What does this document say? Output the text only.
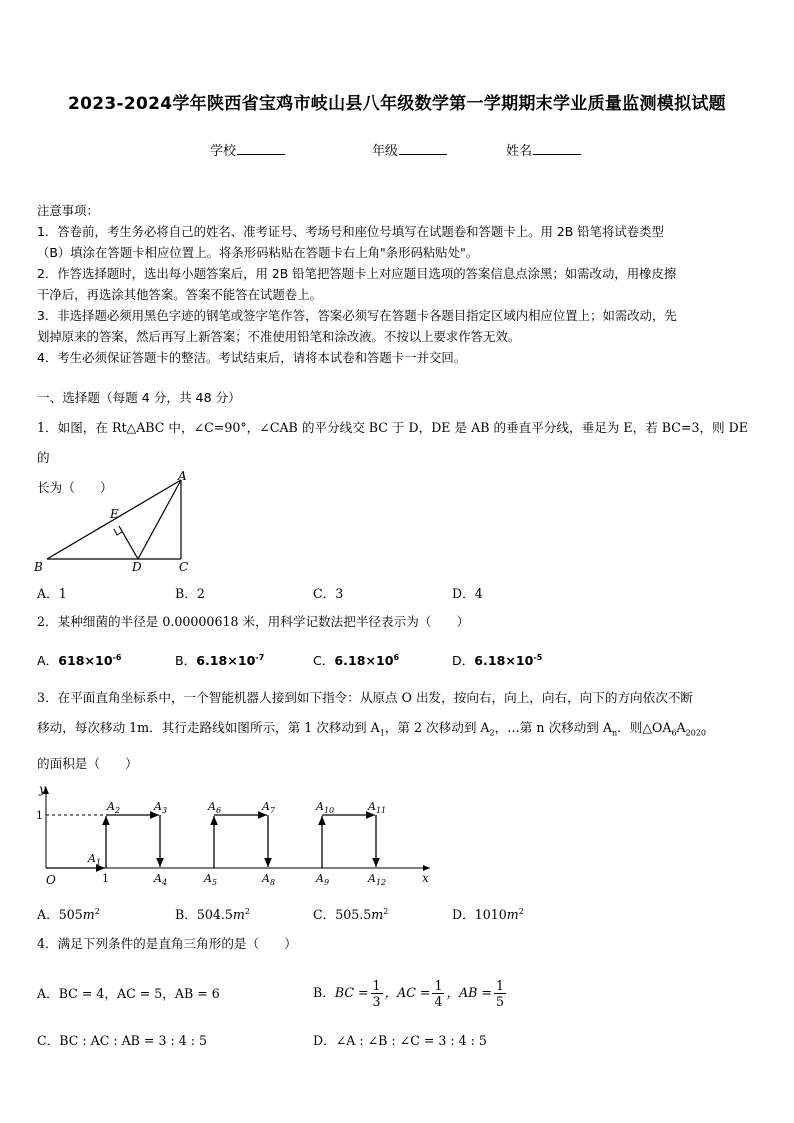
2023-2024学年陕西省宝鸡市岐山县八年级数学第一学期期末学业质量监测模拟试题
学校	年级	姓名
注意事项：
1．答卷前，考生务必将自己的姓名、准考证号、考场号和座位号填写在试题卷和答题卡上。用 2B 铅笔将试卷类型
（B）填涂在答题卡相应位置上。将条形码粘贴在答题卡右上角"条形码粘贴处"。
2．作答选择题时，选出每小题答案后，用 2B 铅笔把答题卡上对应题目选项的答案信息点涂黑；如需改动，用橡皮擦
干净后，再选涂其他答案。答案不能答在试题卷上。
3．非选择题必须用黑色字迹的钢笔或签字笔作答，答案必须写在答题卡各题目指定区域内相应位置上；如需改动，先
划掉原来的答案，然后再写上新答案；不准使用铅笔和涂改液。不按以上要求作答无效。
4．考生必须保证答题卡的整洁。考试结束后，请将本试卷和答题卡一并交回。
一、选择题（每题 4 分，共 48 分）
1．如图，在 Rt△ABC 中，∠C=90°，∠CAB 的平分线交 BC 于 D，DE 是 AB 的垂直平分线，垂足为 E，若 BC=3，则 DE 的
长为（　　）
A
B	C
D
E
A．1	B．2	C．3	D．4
2．某种细菌的半径是 0.00000618 米，用科学记数法把半径表示为（　　）
A．$618\times 10^{-6}$	B．$6.18\times 10^{-7}$	C．$6.18\times 10^6$	D．$6.18\times 10^{-5}$
3．在平面直角坐标系中，一个智能机器人接到如下指令：从原点 O 出发，按向右，向上，向右，向下的方向依次不断
移动，每次移动 1m．其行走路线如图所示，第 1 次移动到 $A_1$，第 2 次移动到 $A_2$，…第 n 次移动到 $A_n$．则$\triangle OA_6A_{2020}$
的面积是（　　）
y
x
O
1
1
$A_1$
$A_2$	$A_3$
$A_4$	$A_5$
$A_6$	$A_7$
$A_8$	$A_9$
$A_{10}$	$A_{11}$
$A_{12}$
A．$505m^2$	B．$504.5m^2$	C．$505.5m^2$	D．$1010m^2$
4．满足下列条件的是直角三角形的是（　　）
A．BC = 4，AC = 5，AB = 6	B．BC = $\frac{1}{3}$ ，AC = $\frac{1}{4}$ ，AB = $\frac{1}{5}$
C．BC : AC : AB = 3 : 4 : 5	D．∠A : ∠B : ∠C = 3 : 4 : 5
